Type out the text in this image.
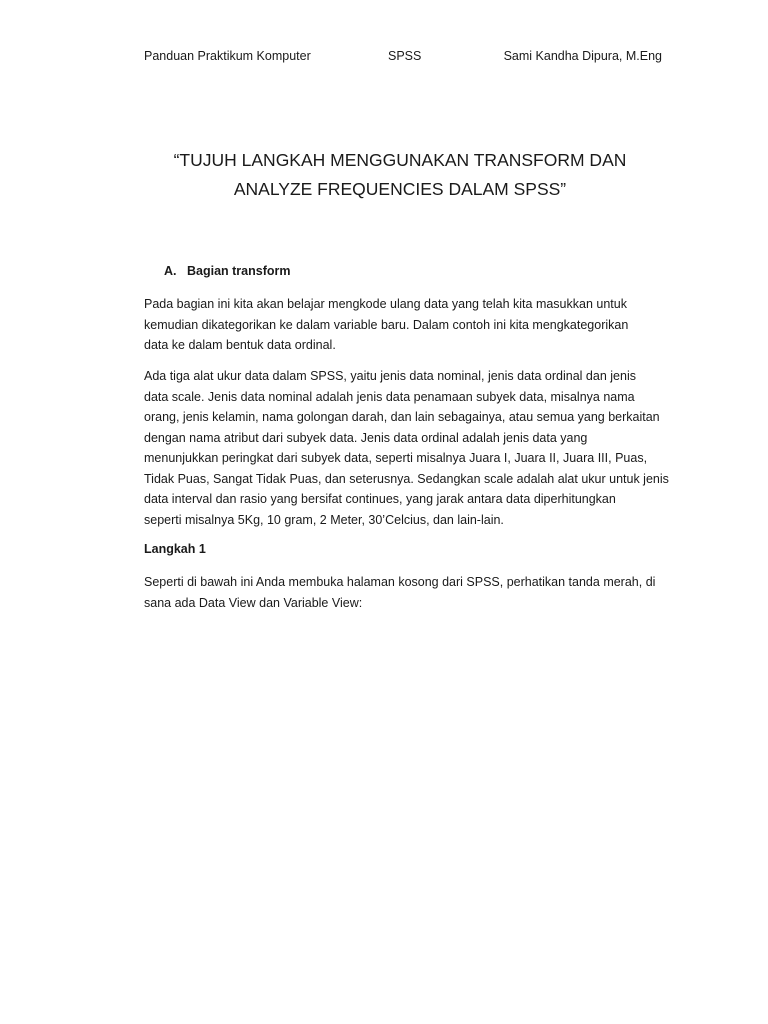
Panduan Praktikum Komputer	SPSS	Sami Kandha Dipura, M.Eng
“TUJUH LANGKAH MENGGUNAKAN TRANSFORM DAN
ANALYZE FREQUENCIES DALAM SPSS”
A. Bagian transform

Pada bagian ini kita akan belajar mengkode ulang data yang telah kita masukkan untuk
kemudian dikategorikan ke dalam variable baru. Dalam contoh ini kita mengkategorikan
data ke dalam bentuk data ordinal.

Ada tiga alat ukur data dalam SPSS, yaitu jenis data nominal, jenis data ordinal dan jenis
data scale. Jenis data nominal adalah jenis data penamaan subyek data, misalnya nama
orang, jenis kelamin, nama golongan darah, dan lain sebagainya, atau semua yang berkaitan
dengan nama atribut dari subyek data. Jenis data ordinal adalah jenis data yang
menunjukkan peringkat dari subyek data, seperti misalnya Juara I, Juara II, Juara III, Puas,
Tidak Puas, Sangat Tidak Puas, dan seterusnya. Sedangkan scale adalah alat ukur untuk jenis
data interval dan rasio yang bersifat continues, yang jarak antara data diperhitungkan
seperti misalnya 5Kg, 10 gram, 2 Meter, 30’Celcius, dan lain-lain.

Langkah 1

Seperti di bawah ini Anda membuka halaman kosong dari SPSS, perhatikan tanda merah, di
sana ada Data View dan Variable View:
